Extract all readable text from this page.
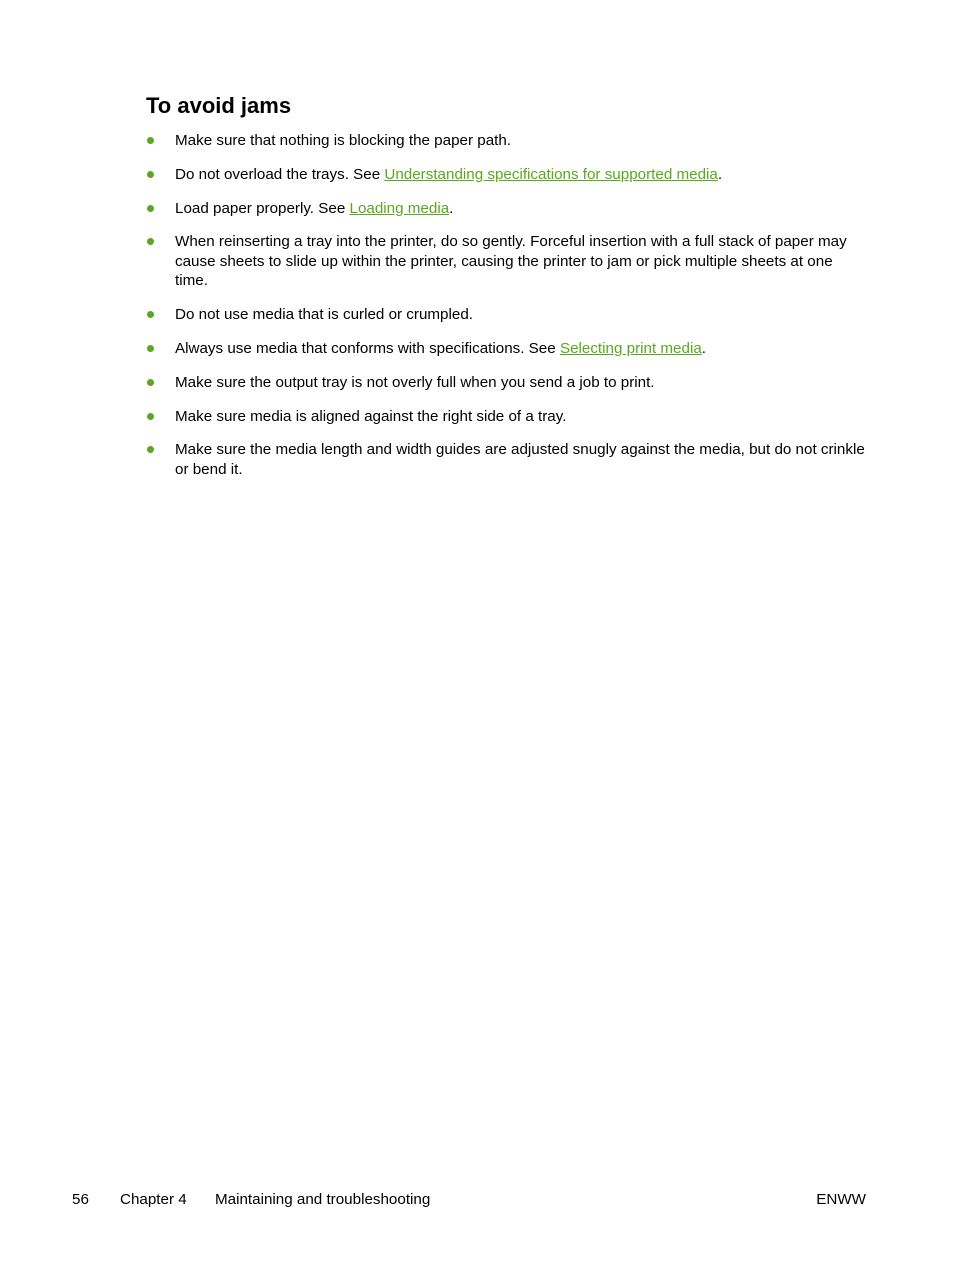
To avoid jams
Make sure that nothing is blocking the paper path.
Do not overload the trays. See Understanding specifications for supported media.
Load paper properly. See Loading media.
When reinserting a tray into the printer, do so gently. Forceful insertion with a full stack of paper may cause sheets to slide up within the printer, causing the printer to jam or pick multiple sheets at one time.
Do not use media that is curled or crumpled.
Always use media that conforms with specifications. See Selecting print media.
Make sure the output tray is not overly full when you send a job to print.
Make sure media is aligned against the right side of a tray.
Make sure the media length and width guides are adjusted snugly against the media, but do not crinkle or bend it.
56 Chapter 4 Maintaining and troubleshooting	ENWW
